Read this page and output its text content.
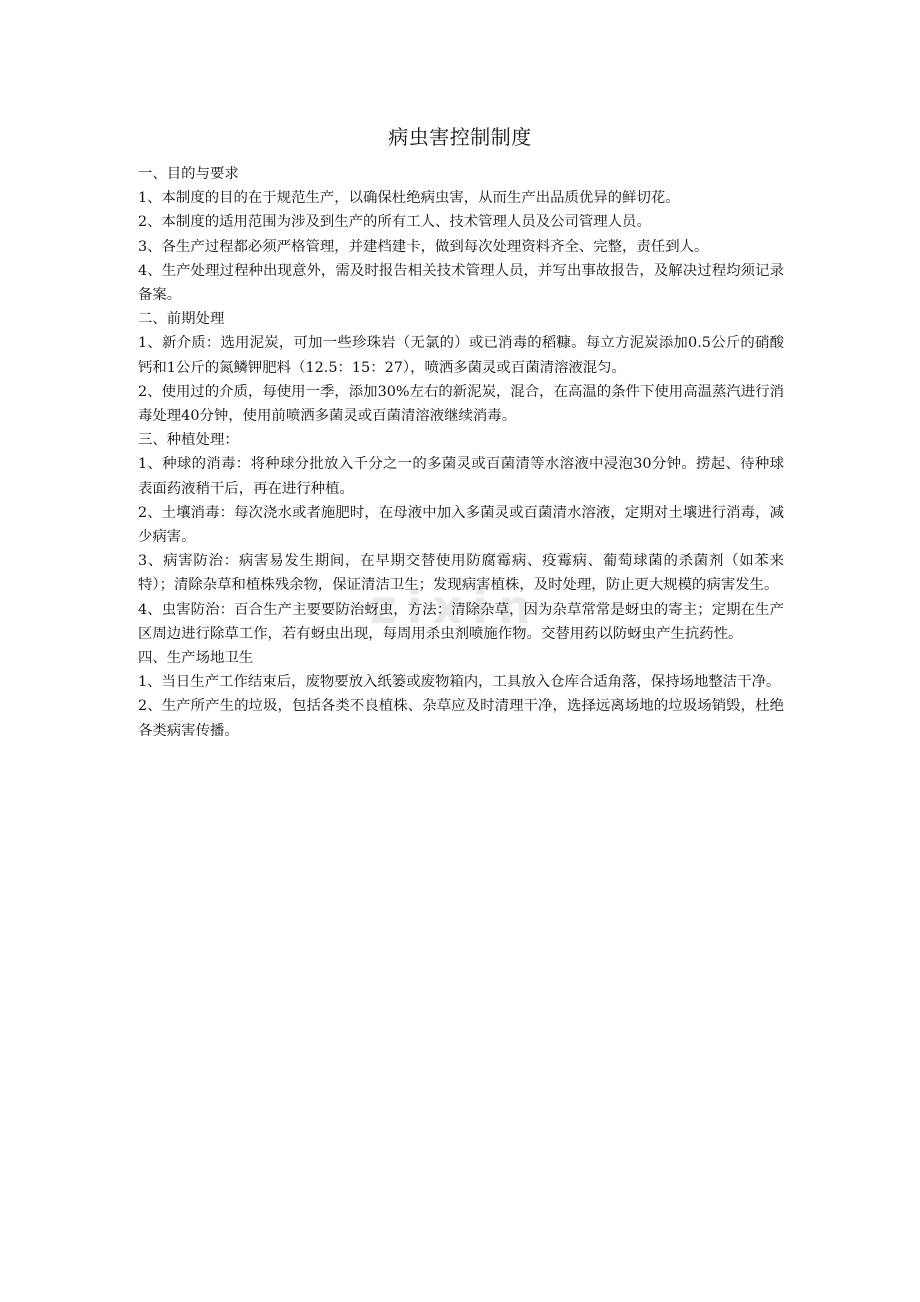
zixin
病虫害控制制度
一、目的与要求

1、本制度的目的在于规范生产，以确保杜绝病虫害，从而生产出品质优异的鲜切花。

2、本制度的适用范围为涉及到生产的所有工人、技术管理人员及公司管理人员。

3、各生产过程都必须严格管理，并建档建卡，做到每次处理资料齐全、完整，责任到人。

4、生产处理过程种出现意外，需及时报告相关技术管理人员，并写出事故报告，及解决过程均须记录备案。

二、前期处理

1、新介质：选用泥炭，可加一些珍珠岩（无氯的）或已消毒的稻糠。每立方泥炭添加0.5公斤的硝酸钙和1公斤的氮鳞钾肥料（12.5：15：27），喷洒多菌灵或百菌清溶液混匀。

2、使用过的介质，每使用一季，添加30%左右的新泥炭，混合，在高温的条件下使用高温蒸汽进行消毒处理40分钟，使用前喷洒多菌灵或百菌清溶液继续消毒。

三、种植处理：

1、种球的消毒：将种球分批放入千分之一的多菌灵或百菌清等水溶液中浸泡30分钟。捞起、待种球表面药液稍干后，再在进行种植。

2、土壤消毒：每次浇水或者施肥时，在母液中加入多菌灵或百菌清水溶液，定期对土壤进行消毒，减少病害。

3、病害防治：病害易发生期间，在早期交替使用防腐霉病、疫霉病、葡萄球菌的杀菌剂（如苯来特）；清除杂草和植株残余物，保证清洁卫生；发现病害植株，及时处理，防止更大规模的病害发生。

4、虫害防治：百合生产主要要防治蚜虫，方法：清除杂草，因为杂草常常是蚜虫的寄主；定期在生产区周边进行除草工作，若有蚜虫出现，每周用杀虫剂喷施作物。交替用药以防蚜虫产生抗药性。

四、生产场地卫生

1、当日生产工作结束后，废物要放入纸篓或废物箱内，工具放入仓库合适角落，保持场地整洁干净。

2、生产所产生的垃圾，包括各类不良植株、杂草应及时清理干净，选择远离场地的垃圾场销毁，杜绝各类病害传播。
